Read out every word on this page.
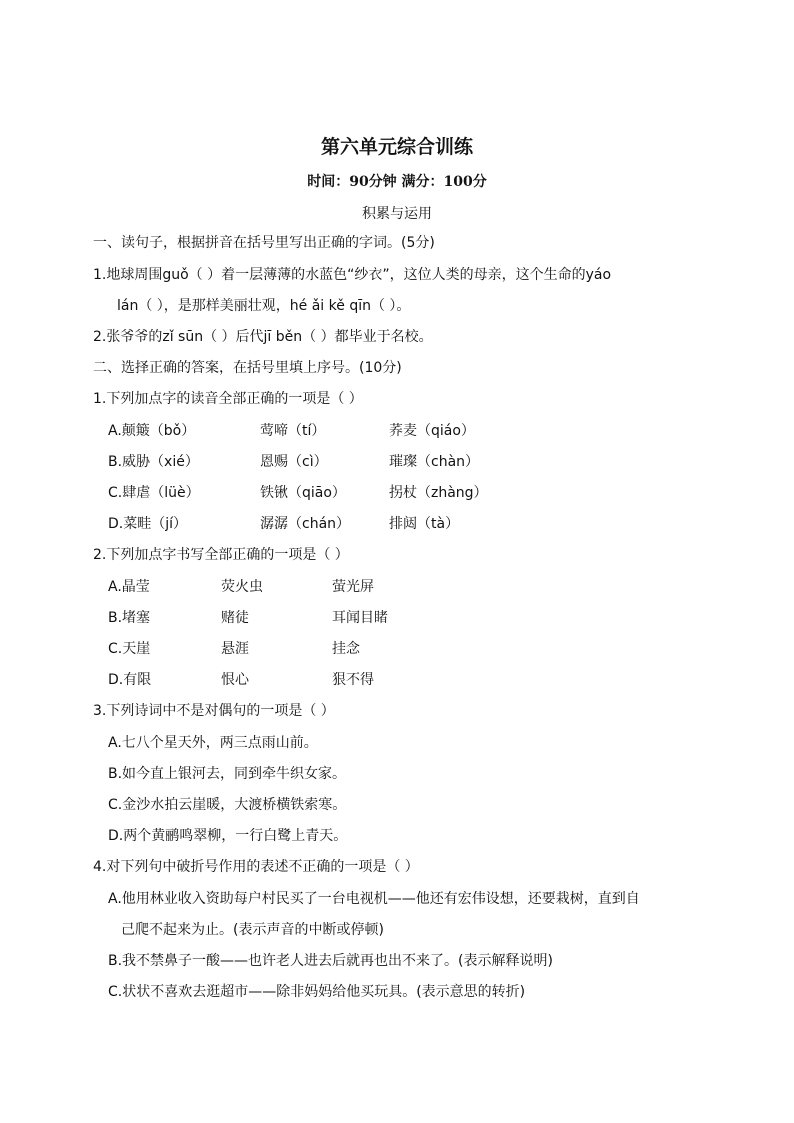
第六单元综合训练
时间：90分钟 满分：100分
积累与运用
一、读句子，根据拼音在括号里写出正确的字词。(5分)
1.地球周围guǒ（ ）着一层薄薄的水蓝色“纱衣”，这位人类的母亲，这个生命的yáo
lán（ ），是那样美丽壮观，hé ǎi kě qīn（ ）。
2.张爷爷的zǐ sūn（ ）后代jī běn（ ）都毕业于名校。
二、选择正确的答案，在括号里填上序号。(10分)
1.下列加点字的读音全部正确的一项是（ ）
A.颠簸（bǒ）	莺啼（tí）	荞麦（qiáo）
B.威胁（xié）	恩赐（cì）	璀璨（chàn）
C.肆虐（lüè）	铁锹（qiāo）	拐杖（zhàng）
D.菜畦（jí）	潺潺（chán）	排闼（tà）
2.下列加点字书写全部正确的一项是（ ）
A.晶莹	荧火虫	萤光屏
B.堵塞	赌徒	耳闻目睹
C.天崖	悬涯	挂念
D.有限	恨心	狠不得
3.下列诗词中不是对偶句的一项是（ ）
A.七八个星天外，两三点雨山前。
B.如今直上银河去，同到牵牛织女家。
C.金沙水拍云崖暖，大渡桥横铁索寒。
D.两个黄鹂鸣翠柳，一行白鹭上青天。
4.对下列句中破折号作用的表述不正确的一项是（ ）
A.他用林业收入资助每户村民买了一台电视机——他还有宏伟设想，还要栽树，直到自
己爬不起来为止。(表示声音的中断或停顿)
B.我不禁鼻子一酸——也许老人进去后就再也出不来了。(表示解释说明)
C.状状不喜欢去逛超市——除非妈妈给他买玩具。(表示意思的转折)
